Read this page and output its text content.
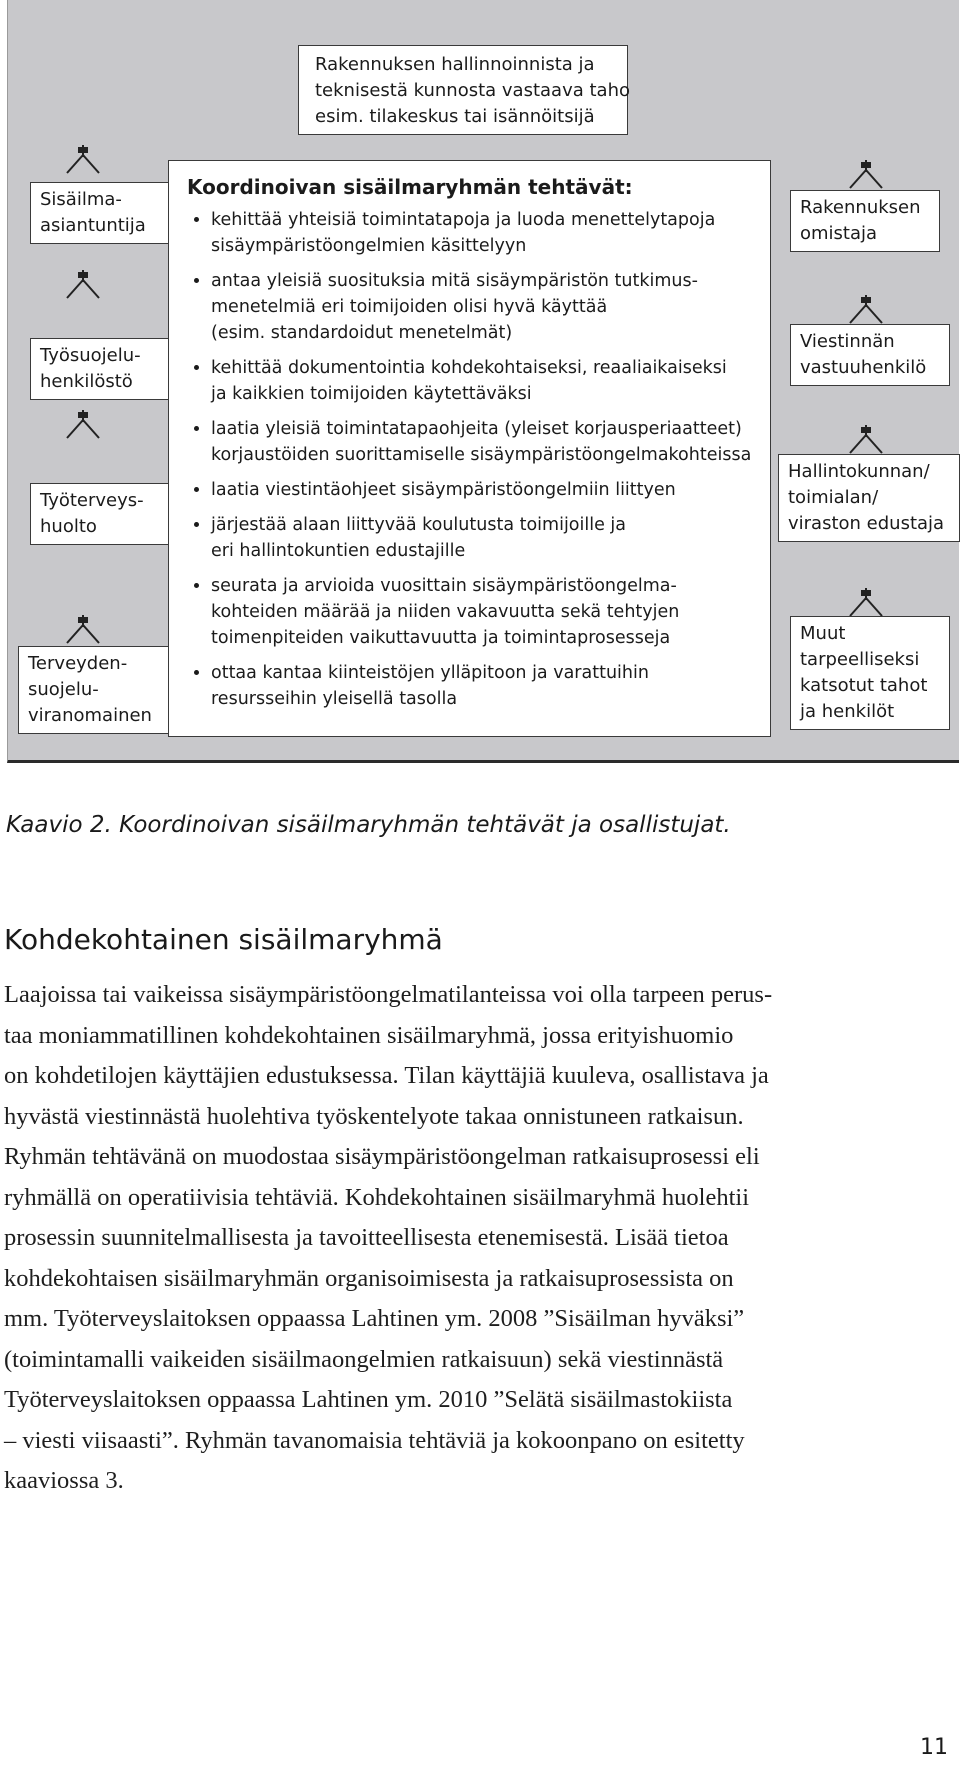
Rakennuksen hallinnoinnista ja
teknisestä kunnosta vastaava taho
esim. tilakeskus tai isännöitsijä
Sisäilma-
asiantuntija
Työsuojelu-
henkilöstö
Työterveys-
huolto
Terveyden-
suojelu-
viranomainen
Rakennuksen
omistaja
Viestinnän
vastuuhenkilö
Hallintokunnan/
toimialan/
viraston edustaja
Muut
tarpeelliseksi
katsotut tahot
ja henkilöt
Koordinoivan sisäilmaryhmän tehtävät:
• kehittää yhteisiä toimintatapoja ja luoda menettelytapoja
sisäympäristöongelmien käsittelyyn
• antaa yleisiä suosituksia mitä sisäympäristön tutkimus-
menetelmiä eri toimijoiden olisi hyvä käyttää
(esim. standardoidut menetelmät)
• kehittää dokumentointia kohdekohtaiseksi, reaaliaikaiseksi
ja kaikkien toimijoiden käytettäväksi
• laatia yleisiä toimintatapaohjeita (yleiset korjausperiaatteet)
korjaustöiden suorittamiselle sisäympäristöongelmakohteissa
• laatia viestintäohjeet sisäympäristöongelmiin liittyen
• järjestää alaan liittyvää koulutusta toimijoille ja
eri hallintokuntien edustajille
• seurata ja arvioida vuosittain sisäympäristöongelma-
kohteiden määrää ja niiden vakavuutta sekä tehtyjen
toimenpiteiden vaikuttavuutta ja toimintaprosesseja
• ottaa kantaa kiinteistöjen ylläpitoon ja varattuihin
resursseihin yleisellä tasolla
Kaavio 2. Koordinoivan sisäilmaryhmän tehtävät ja osallistujat.
Kohdekohtainen sisäilmaryhmä
Laajoissa tai vaikeissa sisäympäristöongelmatilanteissa voi olla tarpeen perus-
taa moniammatillinen kohdekohtainen sisäilmaryhmä, jossa erityishuomio
on kohdetilojen käyttäjien edustuksessa. Tilan käyttäjiä kuuleva, osallistava ja
hyvästä viestinnästä huolehtiva työskentelyote takaa onnistuneen ratkaisun.
Ryhmän tehtävänä on muodostaa sisäympäristöongelman ratkaisuprosessi eli
ryhmällä on operatiivisia tehtäviä. Kohdekohtainen sisäilmaryhmä huolehtii
prosessin suunnitelmallisesta ja tavoitteellisesta etenemisestä. Lisää tietoa
kohdekohtaisen sisäilmaryhmän organisoimisesta ja ratkaisuprosessista on
mm. Työterveyslaitoksen oppaassa Lahtinen ym. 2008 ”Sisäilman hyväksi”
(toimintamalli vaikeiden sisäilmaongelmien ratkaisuun) sekä viestinnästä
Työterveyslaitoksen oppaassa Lahtinen ym. 2010 ”Selätä sisäilmastokiista
– viesti viisaasti”. Ryhmän tavanomaisia tehtäviä ja kokoonpano on esitetty
kaaviossa 3.
11
